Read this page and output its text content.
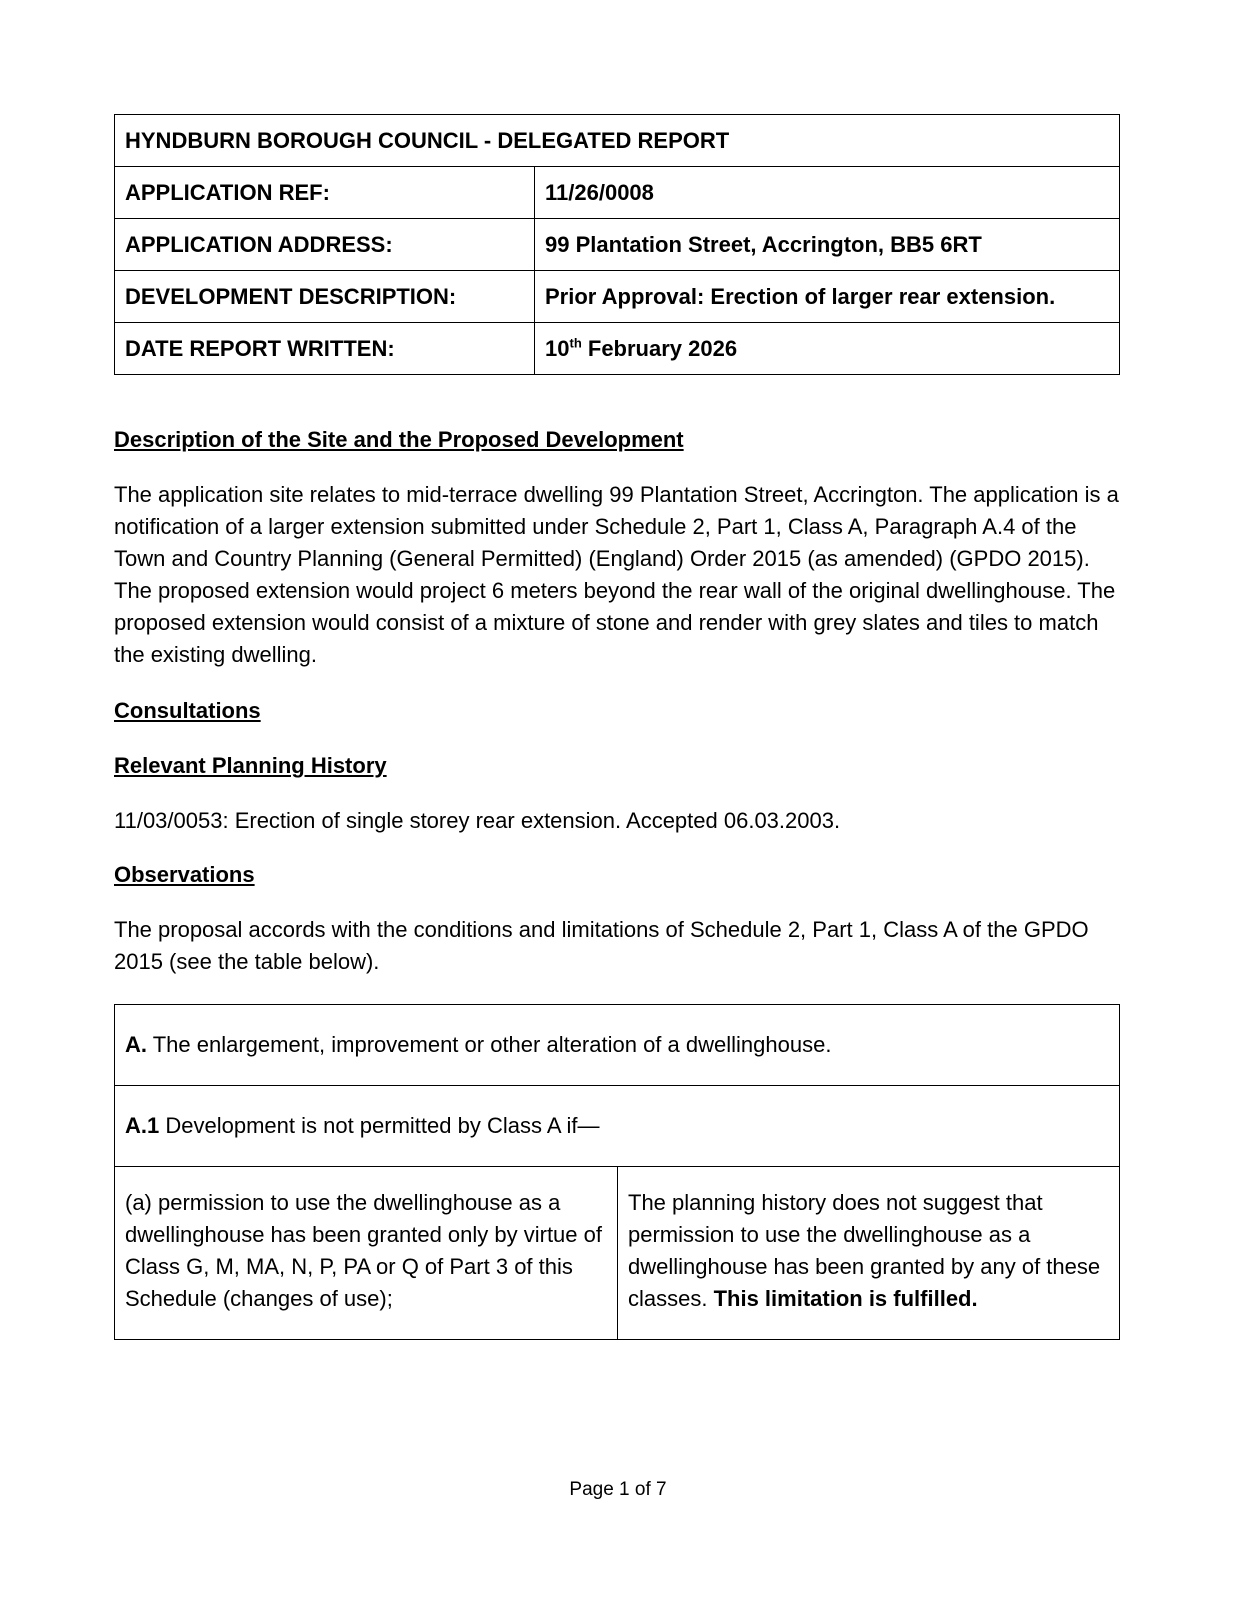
HYNDBURN BOROUGH COUNCIL - DELEGATED REPORT	
APPLICATION REF:	11/26/0008
APPLICATION ADDRESS:	99 Plantation Street, Accrington, BB5 6RT
DEVELOPMENT DESCRIPTION:	Prior Approval: Erection of larger rear extension.
DATE REPORT WRITTEN:	10th February 2026
Description of the Site and the Proposed Development

The application site relates to mid-terrace dwelling 99 Plantation Street, Accrington. The application is a notification of a larger extension submitted under Schedule 2, Part 1, Class A, Paragraph A.4 of the Town and Country Planning (General Permitted) (England) Order 2015 (as amended) (GPDO 2015). The proposed extension would project 6 meters beyond the rear wall of the original dwellinghouse. The proposed extension would consist of a mixture of stone and render with grey slates and tiles to match the existing dwelling.

Consultations
Relevant Planning History

11/03/0053: Erection of single storey rear extension. Accepted 06.03.2003.

Observations

The proposal accords with the conditions and limitations of Schedule 2, Part 1, Class A of the GPDO 2015 (see the table below).

A. The enlargement, improvement or other alteration of a dwellinghouse.
A.1 Development is not permitted by Class A if—
(a) permission to use the dwellinghouse as a dwellinghouse has been granted only by virtue of Class G, M, MA, N, P, PA or Q of Part 3 of this Schedule (changes of use);	The planning history does not suggest that permission to use the dwellinghouse as a dwellinghouse has been granted by any of these classes. This limitation is fulfilled.
Page 1 of 7
